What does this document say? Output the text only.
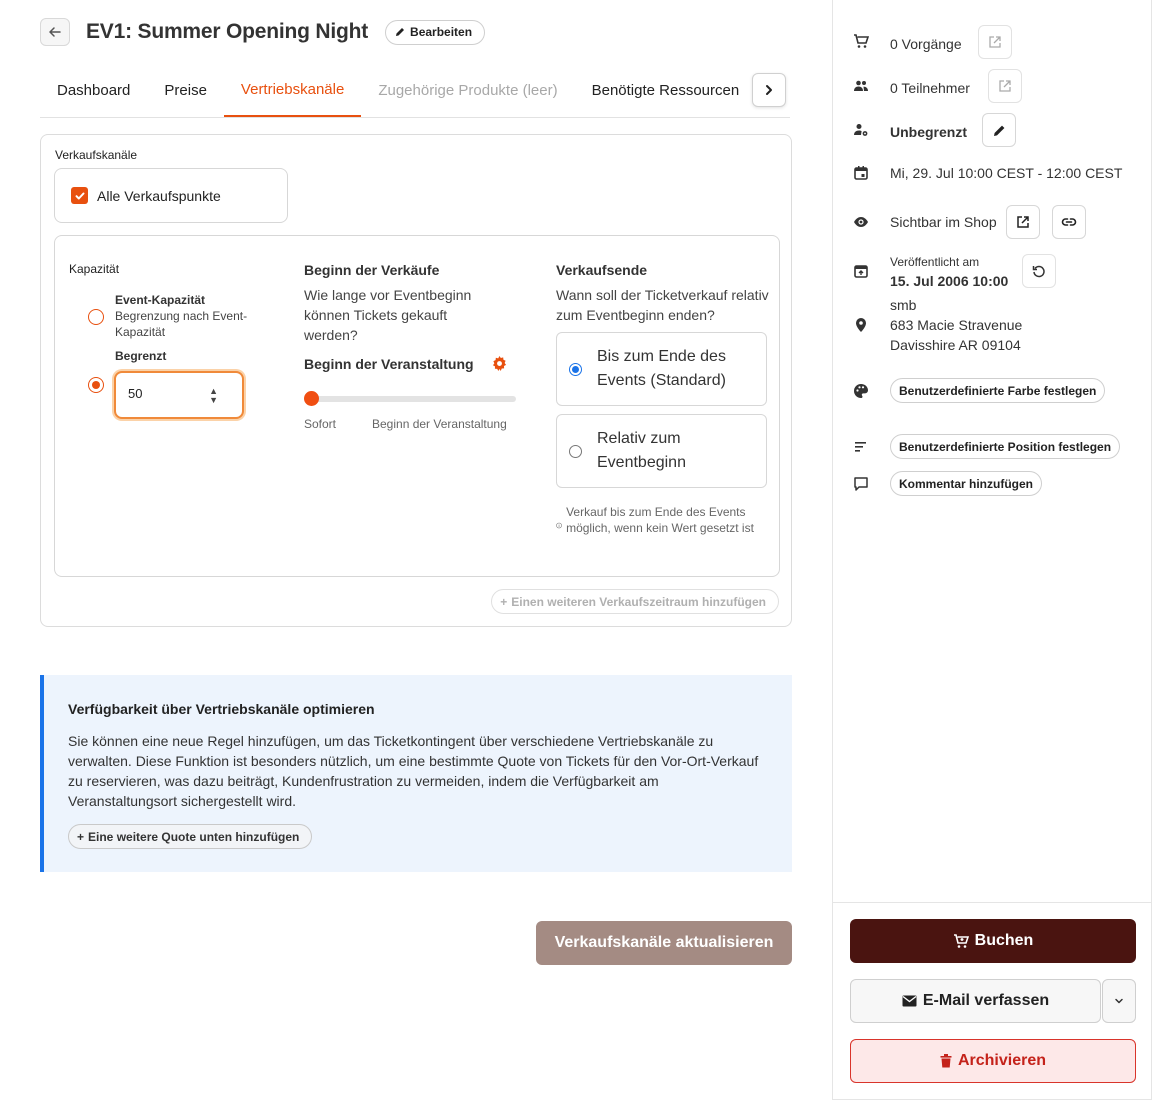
EV1: Summer Opening Night	Bearbeiten
Dashboard	Preise	Vertriebskanäle	Zugehörige Produkte (leer)	Benötigte Ressourcen
Verkaufskanäle
Alle Verkaufspunkte
Kapazität
Event-Kapazität
Begrenzung nach Event-Kapazität
Begrenzt
50
▲
▼
Beginn der Verkäufe
Wie lange vor Eventbeginn können Tickets gekauft werden?
Beginn der Veranstaltung
Sofort	Beginn der Veranstaltung
Verkaufsende
Wann soll der Ticketverkauf relativ zum Eventbeginn enden?
Bis zum Ende des Events (Standard)
Relativ zum Eventbeginn
Verkauf bis zum Ende des Events möglich, wenn kein Wert gesetzt ist
+ Einen weiteren Verkaufszeitraum hinzufügen
Verfügbarkeit über Vertriebskanäle optimieren
Sie können eine neue Regel hinzufügen, um das Ticketkontingent über verschiedene Vertriebskanäle zu verwalten. Diese Funktion ist besonders nützlich, um eine bestimmte Quote von Tickets für den Vor-Ort-Verkauf zu reservieren, was dazu beiträgt, Kundenfrustration zu vermeiden, indem die Verfügbarkeit am Veranstaltungsort sichergestellt wird.
+ Eine weitere Quote unten hinzufügen
Verkaufskanäle aktualisieren
0 Vorgänge
0 Teilnehmer
Unbegrenzt
Mi, 29. Jul 10:00 CEST - 12:00 CEST
Sichtbar im Shop
Veröffentlicht am
15. Jul 2006 10:00
smb
683 Macie Stravenue
Davisshire AR 09104
Benutzerdefinierte Farbe festlegen
Benutzerdefinierte Position festlegen
Kommentar hinzufügen
Buchen
E-Mail verfassen
Archivieren
